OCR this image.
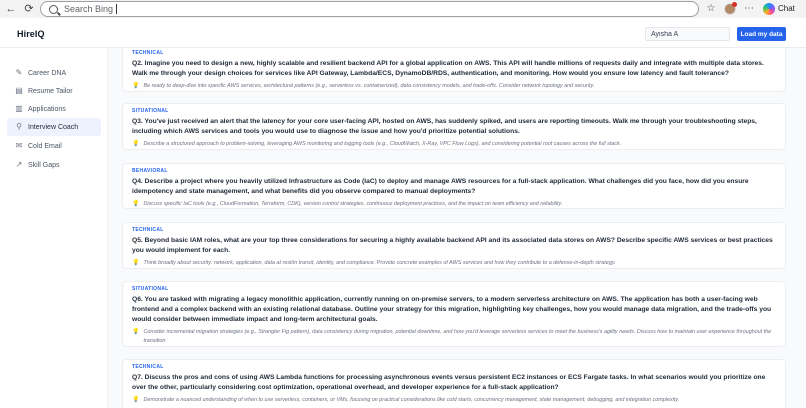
← ⟳	Search Bing	☆	⋯	Chat
HireIQ
Ayisha A	Load my data
✎ Career DNA
▤ Resume Tailor
▥ Applications
⚲ Interview Coach
✉ Cold Email
↗ Skill Gaps
TECHNICAL
Q2. Imagine you need to design a new, highly scalable and resilient backend API for a global application on AWS. This API will handle millions of requests daily and integrate with multiple data stores. Walk me through your design choices for services like API Gateway, Lambda/ECS, DynamoDB/RDS, authentication, and monitoring. How would you ensure low latency and fault tolerance?
💡 Be ready to deep-dive into specific AWS services, architectural patterns (e.g., serverless vs. containerized), data consistency models, and trade-offs. Consider network topology and security.
SITUATIONAL
Q3. You've just received an alert that the latency for your core user-facing API, hosted on AWS, has suddenly spiked, and users are reporting timeouts. Walk me through your troubleshooting steps, including which AWS services and tools you would use to diagnose the issue and how you'd prioritize potential solutions.
💡 Describe a structured approach to problem-solving, leveraging AWS monitoring and logging tools (e.g., CloudWatch, X-Ray, VPC Flow Logs), and considering potential root causes across the full stack.
BEHAVIORAL
Q4. Describe a project where you heavily utilized Infrastructure as Code (IaC) to deploy and manage AWS resources for a full-stack application. What challenges did you face, how did you ensure idempotency and state management, and what benefits did you observe compared to manual deployments?
💡 Discuss specific IaC tools (e.g., CloudFormation, Terraform, CDK), version control strategies, continuous deployment practices, and the impact on team efficiency and reliability.
TECHNICAL
Q5. Beyond basic IAM roles, what are your top three considerations for securing a highly available backend API and its associated data stores on AWS? Describe specific AWS services or best practices you would implement for each.
💡 Think broadly about security: network, application, data at rest/in transit, identity, and compliance. Provide concrete examples of AWS services and how they contribute to a defense-in-depth strategy.
SITUATIONAL
Q6. You are tasked with migrating a legacy monolithic application, currently running on on-premise servers, to a modern serverless architecture on AWS. The application has both a user-facing web frontend and a complex backend with an existing relational database. Outline your strategy for this migration, highlighting key challenges, how you would manage data migration, and the trade-offs you would consider between immediate impact and long-term architectural goals.
💡 Consider incremental migration strategies (e.g., Strangler Fig pattern), data consistency during migration, potential downtime, and how you'd leverage serverless services to meet the business's agility needs. Discuss how to maintain user experience throughout the transition.
TECHNICAL
Q7. Discuss the pros and cons of using AWS Lambda functions for processing asynchronous events versus persistent EC2 instances or ECS Fargate tasks. In what scenarios would you prioritize one over the other, particularly considering cost optimization, operational overhead, and developer experience for a full-stack application?
💡 Demonstrate a nuanced understanding of when to use serverless, containers, or VMs, focusing on practical considerations like cold starts, concurrency management, state management, debugging, and integration complexity.
